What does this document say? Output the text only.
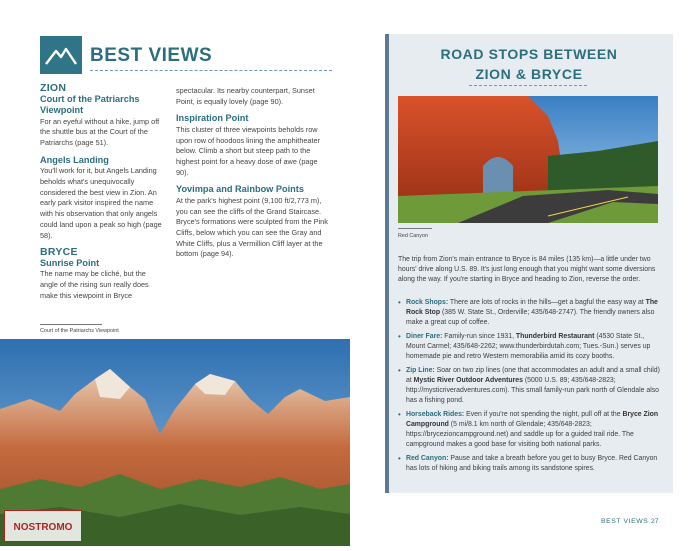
BEST VIEWS

ZION

Court of the Patriarchs Viewpoint

For an eyeful without a hike, jump off the shuttle bus at the Court of the Patriarchs (page 51).

Angels Landing

You'll work for it, but Angels Landing beholds what's unequivocally considered the best view in Zion. An early park visitor inspired the name with his observation that only angels could land upon a peak so high (page 58).

BRYCE

Sunrise Point

The name may be cliché, but the angle of the rising sun really does make this viewpoint in Bryce

spectacular. Its nearby counterpart, Sunset Point, is equally lovely (page 90).

Inspiration Point

This cluster of three viewpoints beholds row upon row of hoodoos lining the amphitheater below. Climb a short but steep path to the highest point for a heavy dose of awe (page 90).

Yovimpa and Rainbow Points

At the park's highest point (9,100 ft/2,773 m), you can see the cliffs of the Grand Staircase. Bryce's formations were sculpted from the Pink Cliffs, below which you can see the Gray and White Cliffs, plus a Vermillion Cliff layer at the bottom (page 94).

Court of the Patriarchs Viewpoint
NOSTROMO
ROAD STOPS BETWEEN
ZION & BRYCE
Red Canyon

The trip from Zion's main entrance to Bryce is 84 miles (135 km)—a little under two hours' drive along U.S. 89. It's just long enough that you might want some diversions along the way. If you're starting in Bryce and heading to Zion, reverse the order.

• Rock Shops: There are lots of rocks in the hills—get a bagful the easy way at The Rock Stop (385 W. State St., Orderville; 435/648-2747). The friendly owners also make a great cup of coffee.
• Diner Fare: Family-run since 1931, Thunderbird Restaurant (4530 State St., Mount Carmel; 435/648-2262; www.thunderbirdutah.com; Tues.-Sun.) serves up homemade pie and retro Western memorabilia amid its cozy booths.
• Zip Line: Soar on two zip lines (one that accommodates an adult and a small child) at Mystic River Outdoor Adventures (5000 U.S. 89; 435/648-2823; http://mysticriveradventures.com). This small family-run park north of Glendale also has a fishing pond.
• Horseback Rides: Even if you're not spending the night, pull off at the Bryce Zion Campground (5 mi/8.1 km north of Glendale; 435/648-2823; https://brycezioncampground.net) and saddle up for a guided trail ride. The campground makes a good base for visiting both national parks.
• Red Canyon: Pause and take a breath before you get to busy Bryce. Red Canyon has lots of hiking and biking trails among its sandstone spires.
BEST VIEWS 27
